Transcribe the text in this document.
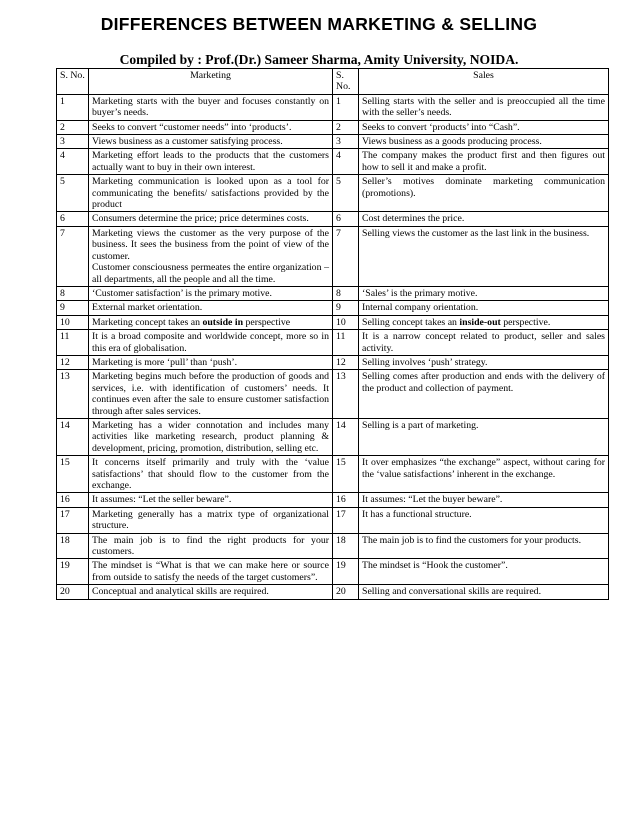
DIFFERENCES BETWEEN MARKETING & SELLING
Compiled by : Prof.(Dr.) Sameer Sharma, Amity University, NOIDA.
S. No.	Marketing	S. No.	Sales
1	Marketing starts with the buyer and focuses constantly on buyer’s needs.	1	Selling starts with the seller and is preoccupied all the time with the seller’s needs.
2	Seeks to convert “customer needs” into ‘products’.	2	Seeks to convert ‘products’ into “Cash”.
3	Views business as a customer satisfying process.	3	Views business as a goods producing process.
4	Marketing effort leads to the products that the customers actually want to buy in their own interest.	4	The company makes the product first and then figures out how to sell it and make a profit.
5	Marketing communication is looked upon as a tool for communicating the benefits/ satisfactions provided by the product	5	Seller’s motives dominate marketing communication (promotions).
6	Consumers determine the price; price determines costs.	6	Cost determines the price.
7	Marketing views the customer as the very purpose of the business. It sees the business from the point of view of the customer.
Customer consciousness permeates the entire organization – all departments, all the people and all the time.	7	Selling views the customer as the last link in the business.
8	‘Customer satisfaction’ is the primary motive.	8	‘Sales’ is the primary motive.
9	External market orientation.	9	Internal company orientation.
10	Marketing concept takes an outside in perspective	10	Selling concept takes an inside-out perspective.
11	It is a broad composite and worldwide concept, more so in this era of globalisation.	11	It is a narrow concept related to product, seller and sales activity.
12	Marketing is more ‘pull’ than ‘push’.	12	Selling involves ‘push’ strategy.
13	Marketing begins much before the production of goods and services, i.e. with identification of customers’ needs. It continues even after the sale to ensure customer satisfaction through after sales services.	13	Selling comes after production and ends with the delivery of the product and collection of payment.
14	Marketing has a wider connotation and includes many activities like marketing research, product planning & development, pricing, promotion, distribution, selling etc.	14	Selling is a part of marketing.
15	It concerns itself primarily and truly with the ‘value satisfactions’ that should flow to the customer from the exchange.	15	It over emphasizes “the exchange” aspect, without caring for the ‘value satisfactions’ inherent in the exchange.
16	It assumes: “Let the seller beware”.	16	It assumes: “Let the buyer beware”.
17	Marketing generally has a matrix type of organizational structure.	17	It has a functional structure.
18	The main job is to find the right products for your customers.	18	The main job is to find the customers for your products.
19	The mindset is “What is that we can make here or source from outside to satisfy the needs of the target customers”.	19	The mindset is “Hook the customer”.
20	Conceptual and analytical skills are required.	20	Selling and conversational skills are required.
